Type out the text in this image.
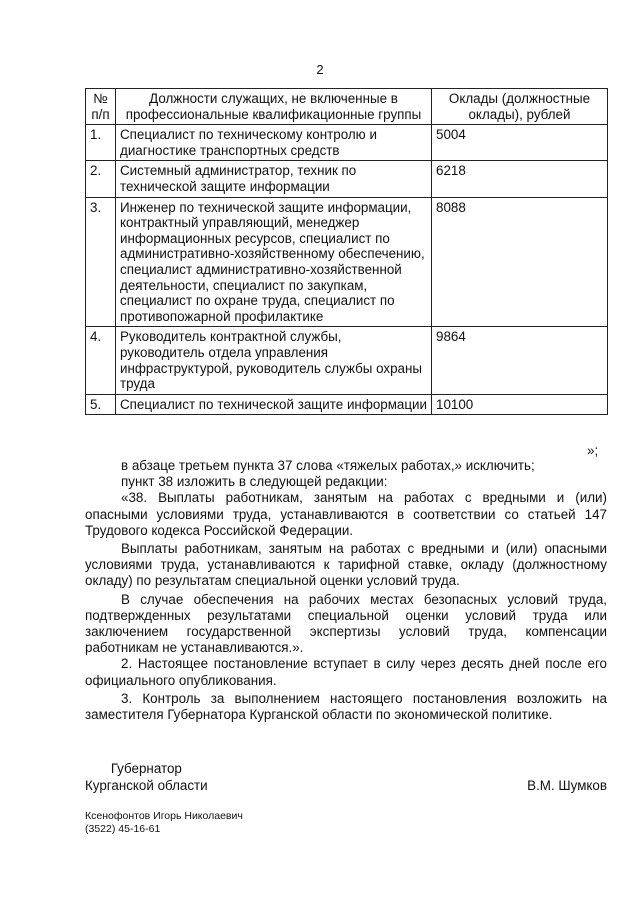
2
№ п/п	Должности служащих, не включенные в профессиональные квалификационные группы	Оклады (должностные оклады), рублей
1.	Специалист по техническому контролю и диагностике транспортных средств	5004
2.	Системный администратор, техник по технической защите информации	6218
3.	Инженер по технической защите информации, контрактный управляющий, менеджер информационных ресурсов, специалист по административно-хозяйственному обеспечению, специалист административно-хозяйственной деятельности, специалист по закупкам, специалист по охране труда, специалист по противопожарной профилактике	8088
4.	Руководитель контрактной службы, руководитель отдела управления инфраструктурой, руководитель службы охраны труда	9864
5.	Специалист по технической защите информации	10100
»;

в абзаце третьем пункта 37 слова «тяжелых работах,» исключить;

пункт 38 изложить в следующей редакции:

«38. Выплаты работникам, занятым на работах с вредными и (или) опасными условиями труда, устанавливаются в соответствии со статьей 147 Трудового кодекса Российской Федерации.

Выплаты работникам, занятым на работах с вредными и (или) опасными условиями труда, устанавливаются к тарифной ставке, окладу (должностному окладу) по результатам специальной оценки условий труда.

В случае обеспечения на рабочих местах безопасных условий труда, подтвержденных результатами специальной оценки условий труда или заключением государственной экспертизы условий труда, компенсации работникам не устанавливаются.».

2. Настоящее постановление вступает в силу через десять дней после его официального опубликования.

3. Контроль за выполнением настоящего постановления возложить на заместителя Губернатора Курганской области по экономической политике.

Губернатор
Курганской области	В.М. Шумков
Ксенофонтов Игорь Николаевич
(3522) 45-16-61
